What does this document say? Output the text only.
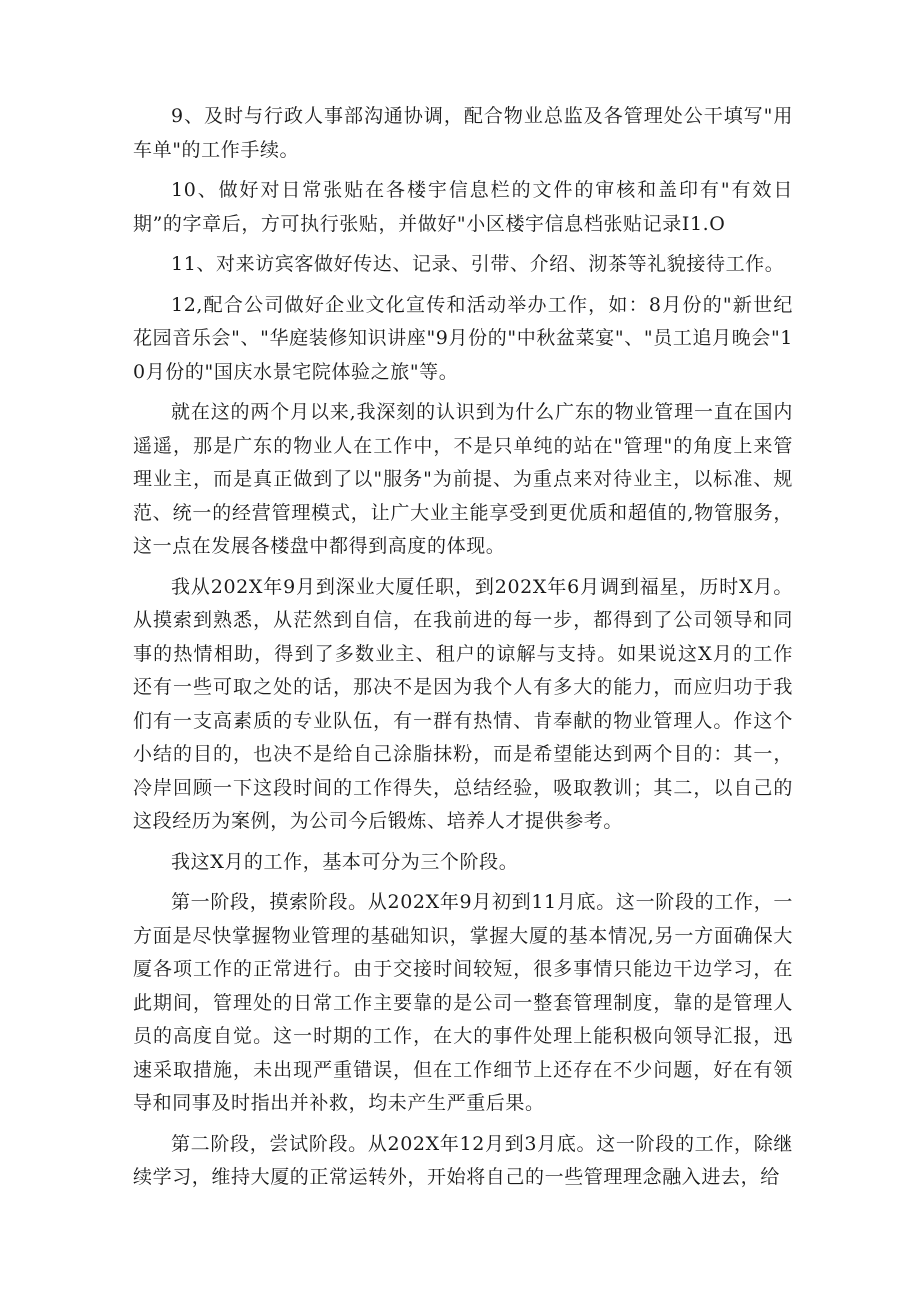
9、及时与行政人事部沟通协调，配合物业总监及各管理处公干填写"用车单"的工作手续。

10、做好对日常张贴在各楼宇信息栏的文件的审核和盖印有"有效日期”的字章后，方可执行张贴，并做好"小区楼宇信息档张贴记录I1.O

11、对来访宾客做好传达、记录、引带、介绍、沏茶等礼貌接待工作。

12,配合公司做好企业文化宣传和活动举办工作，如：8月份的"新世纪花园音乐会"、"华庭装修知识讲座"9月份的"中秋盆菜宴"、"员工追月晚会"10月份的"国庆水景宅院体验之旅"等。

就在这的两个月以来,我深刻的认识到为什么广东的物业管理一直在国内遥遥，那是广东的物业人在工作中，不是只单纯的站在"管理"的角度上来管理业主，而是真正做到了以"服务"为前提、为重点来对待业主，以标准、规范、统一的经营管理模式，让广大业主能享受到更优质和超值的,物管服务，这一点在发展各楼盘中都得到高度的体现。

我从202X年9月到深业大厦任职，到202X年6月调到福星，历时X月。从摸索到熟悉，从茫然到自信，在我前进的每一步，都得到了公司领导和同事的热情相助，得到了多数业主、租户的谅解与支持。如果说这X月的工作还有一些可取之处的话，那决不是因为我个人有多大的能力，而应归功于我们有一支高素质的专业队伍，有一群有热情、肯奉献的物业管理人。作这个小结的目的，也决不是给自己涂脂抹粉，而是希望能达到两个目的：其一，冷岸回顾一下这段时间的工作得失，总结经验，吸取教训；其二，以自己的这段经历为案例，为公司今后锻炼、培养人才提供参考。

我这X月的工作，基本可分为三个阶段。

第一阶段，摸索阶段。从202X年9月初到11月底。这一阶段的工作，一方面是尽快掌握物业管理的基础知识，掌握大厦的基本情况,另一方面确保大厦各项工作的正常进行。由于交接时间较短，很多事情只能边干边学习，在此期间，管理处的日常工作主要靠的是公司一整套管理制度，靠的是管理人员的高度自觉。这一时期的工作，在大的事件处理上能积极向领导汇报，迅速采取措施，未出现严重错误，但在工作细节上还存在不少问题，好在有领导和同事及时指出并补救，均未产生严重后果。

第二阶段，尝试阶段。从202X年12月到3月底。这一阶段的工作，除继续学习，维持大厦的正常运转外，开始将自己的一些管理理念融入进去，给
